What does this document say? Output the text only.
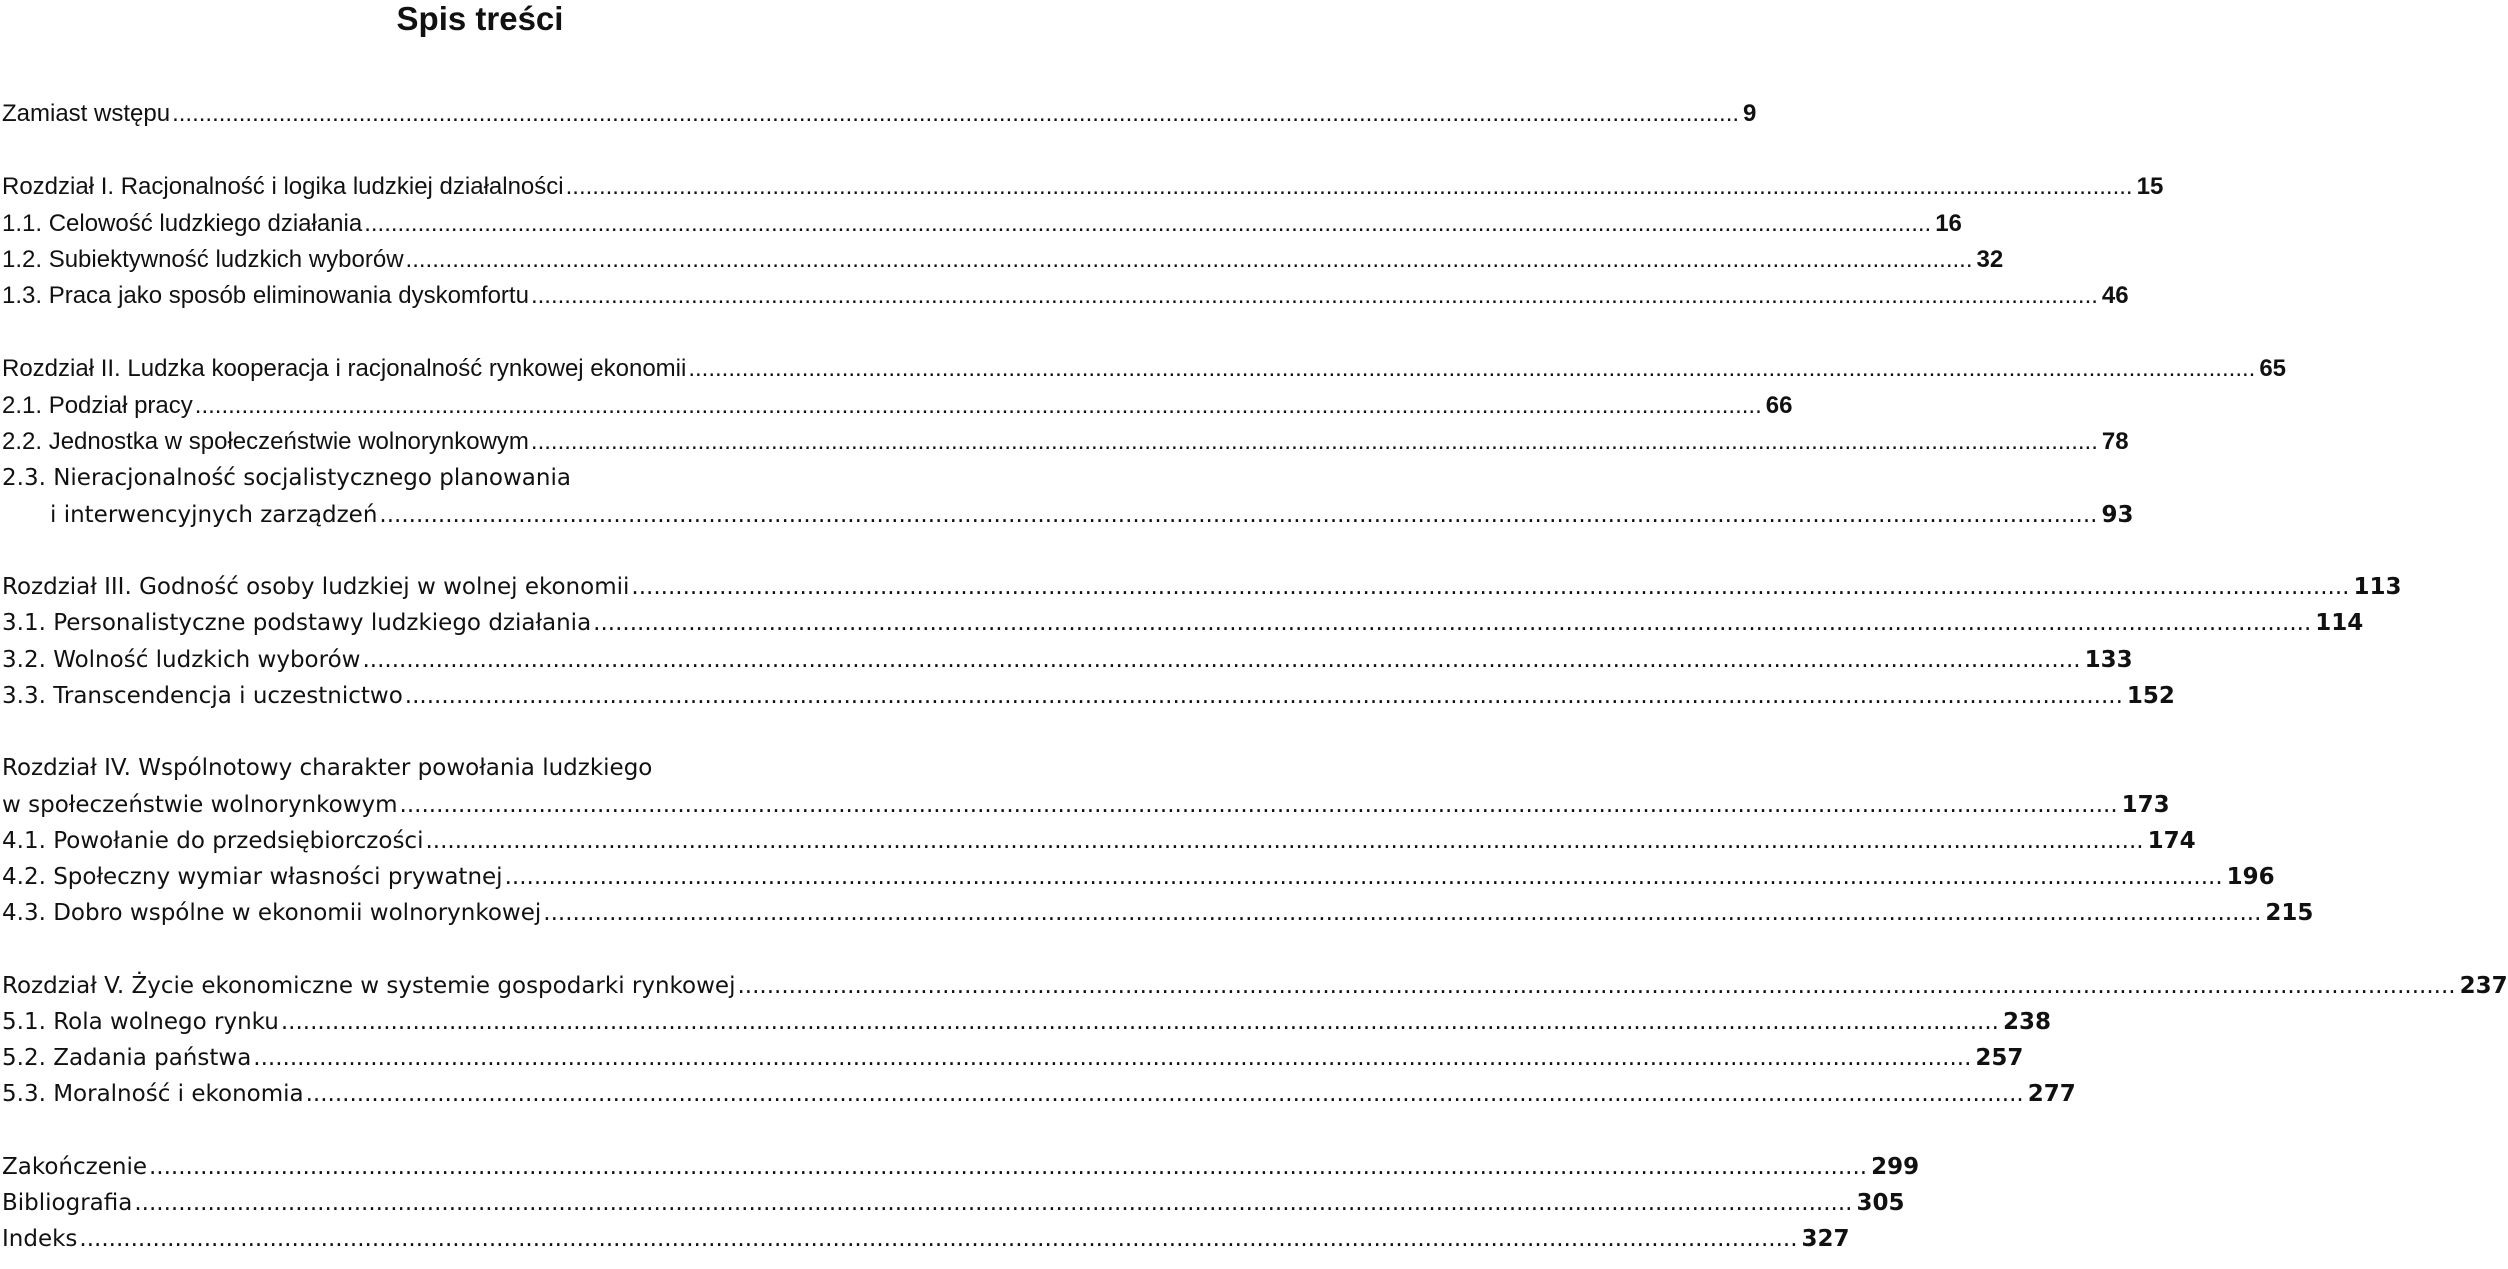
Spis treści
Zamiast wstępu .....	9
Rozdział I. Racjonalność i logika ludzkiej działalności .....	15
1.1. Celowość ludzkiego działania .....	16
1.2. Subiektywność ludzkich wyborów .....	32
1.3. Praca jako sposób eliminowania dyskomfortu .....	46
Rozdział II. Ludzka kooperacja i racjonalność rynkowej ekonomii .....	65
2.1. Podział pracy .....	66
2.2. Jednostka w społeczeństwie wolnorynkowym .....	78
2.3. Nieracjonalność socjalistycznego planowania
i interwencyjnych zarządzeń .....	93
Rozdział III. Godność osoby ludzkiej w wolnej ekonomii .....	113
3.1. Personalistyczne podstawy ludzkiego działania .....	114
3.2. Wolność ludzkich wyborów .....	133
3.3. Transcendencja i uczestnictwo .....	152
Rozdział IV. Wspólnotowy charakter powołania ludzkiego
w społeczeństwie wolnorynkowym .....	173
4.1. Powołanie do przedsiębiorczości .....	174
4.2. Społeczny wymiar własności prywatnej .....	196
4.3. Dobro wspólne w ekonomii wolnorynkowej .....	215
Rozdział V. Życie ekonomiczne w systemie gospodarki rynkowej .....	237
5.1. Rola wolnego rynku .....	238
5.2. Zadania państwa .....	257
5.3. Moralność i ekonomia .....	277
Zakończenie .....	299
Bibliografia .....	305
Indeks .....	327
